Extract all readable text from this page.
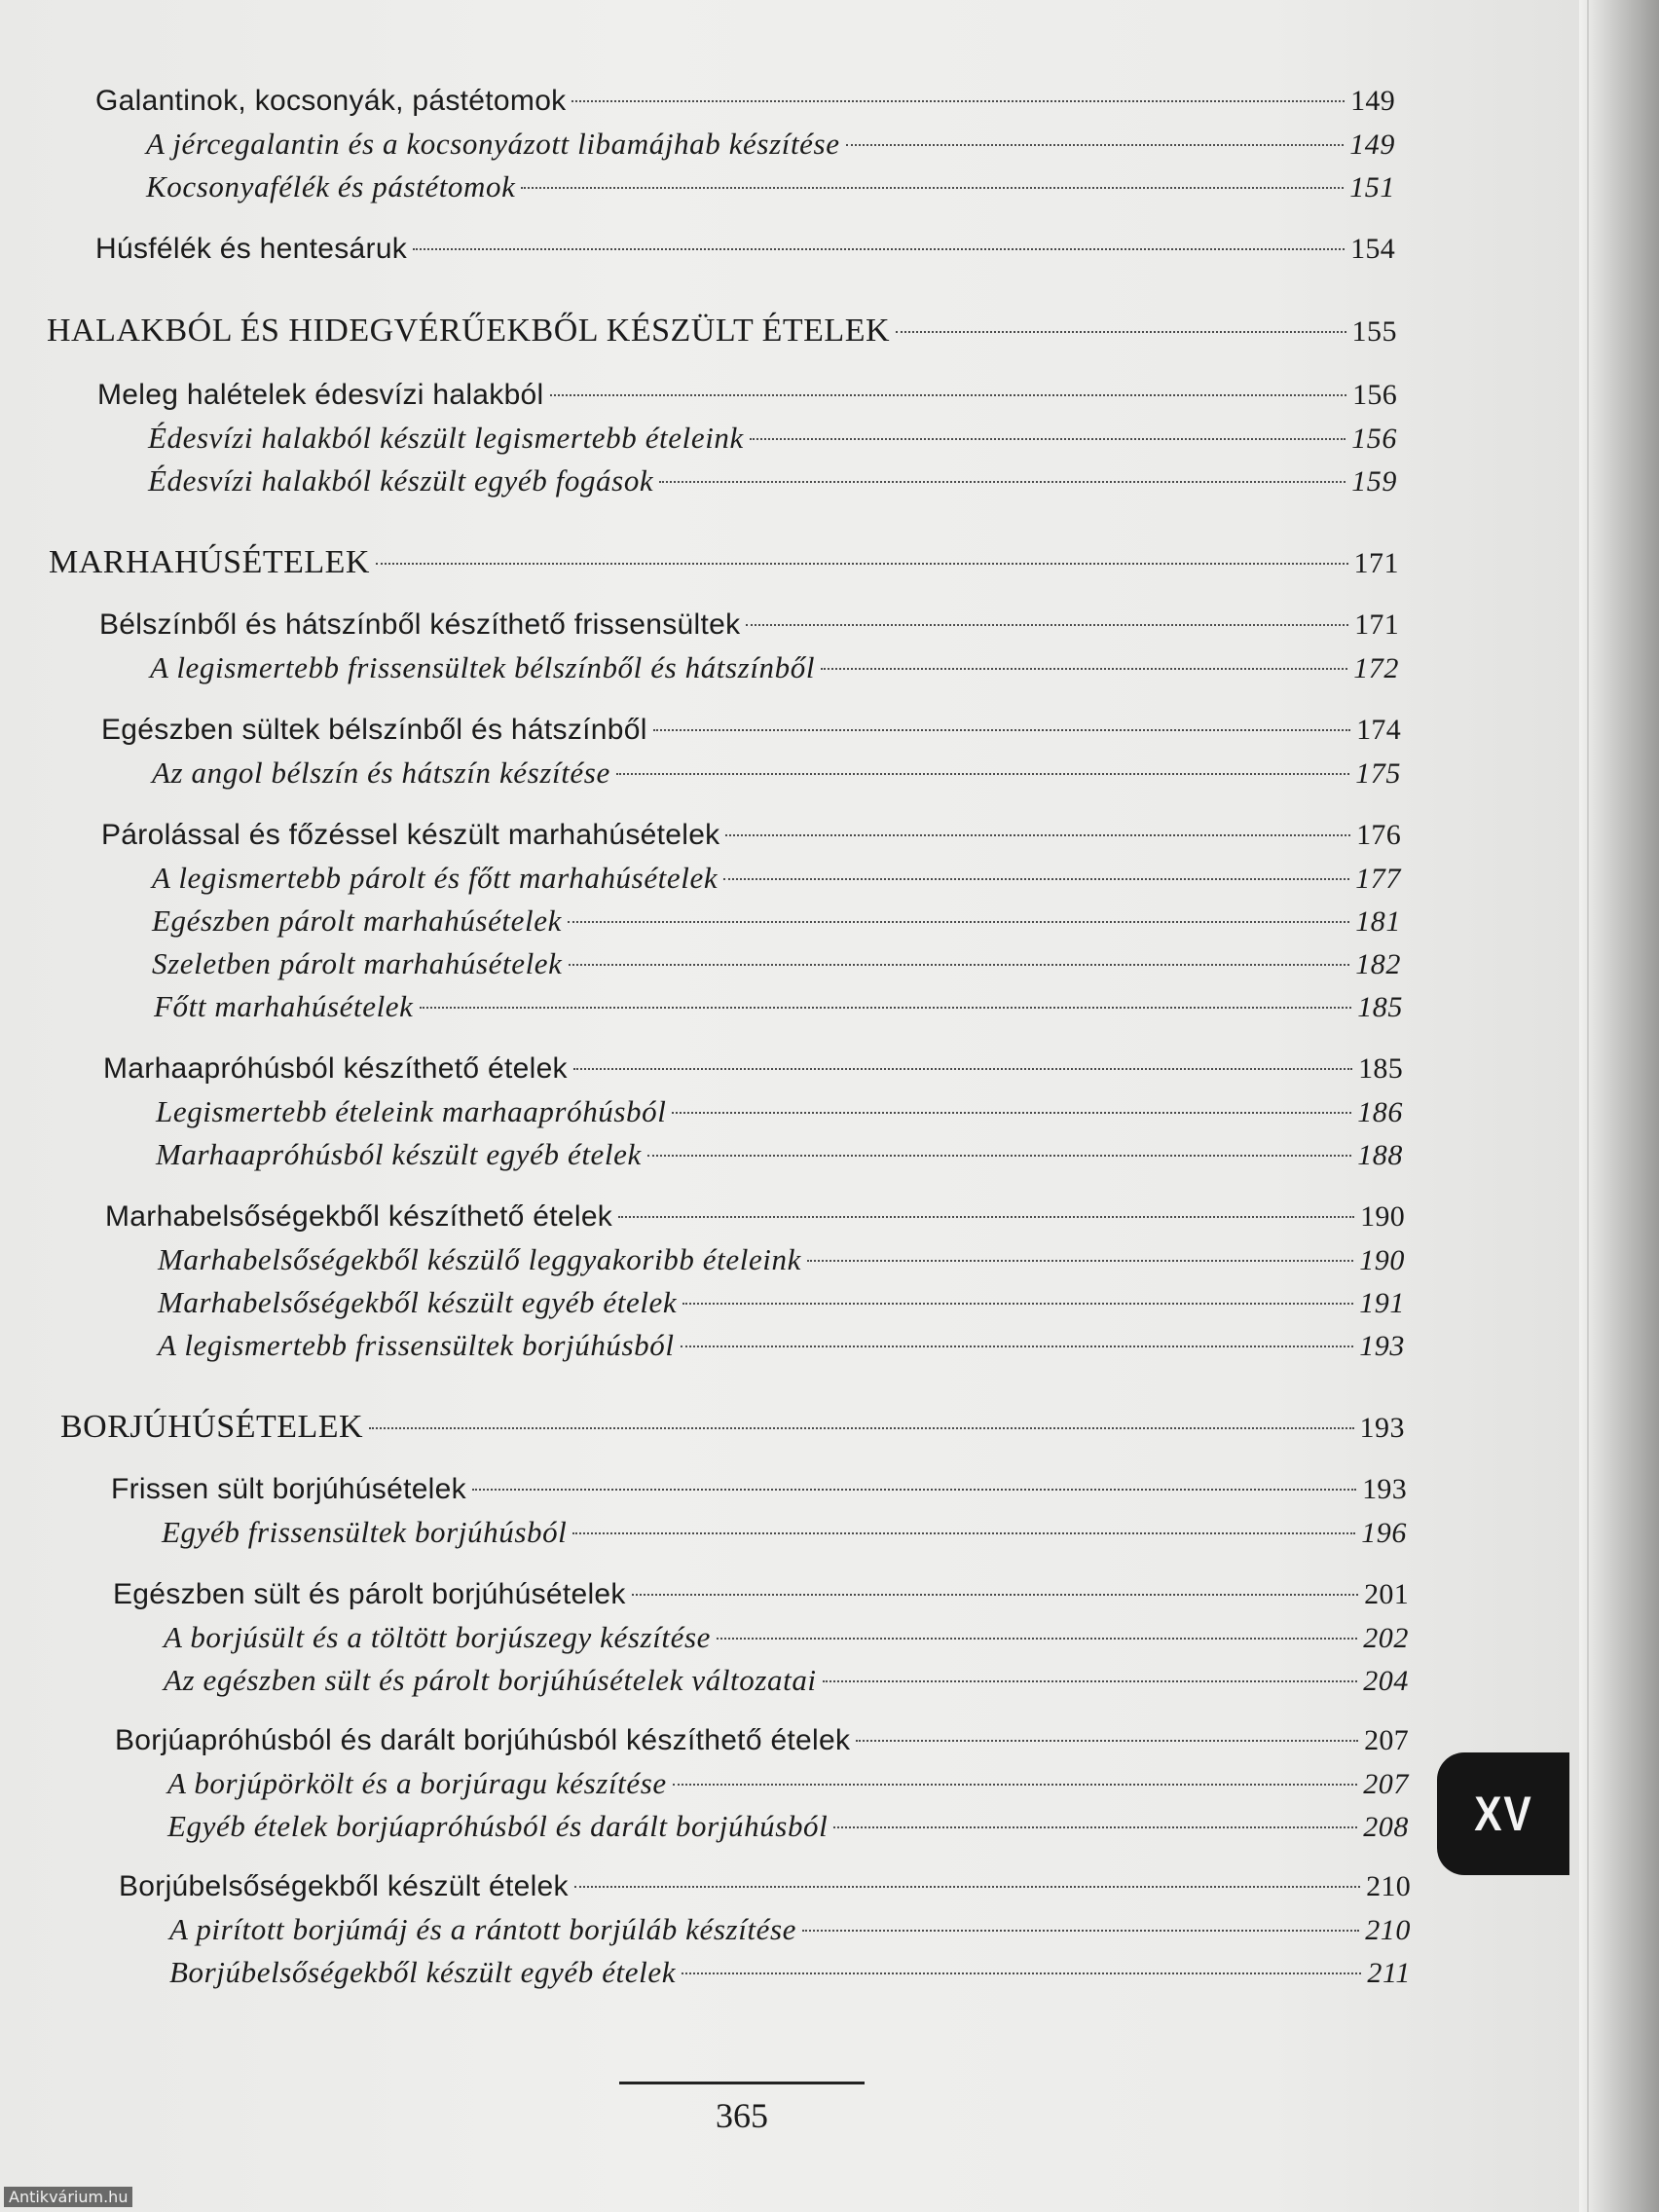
Galantinok, kocsonyák, pástétomok	149
A jércegalantin és a kocsonyázott libamájhab készítése	149
Kocsonyafélék és pástétomok	151
Húsfélék és hentesáruk	154
HALAKBÓL ÉS HIDEGVÉRŰEKBŐL KÉSZÜLT ÉTELEK	155
Meleg halételek édesvízi halakból	156
Édesvízi halakból készült legismertebb ételeink	156
Édesvízi halakból készült egyéb fogások	159
MARHAHÚSÉTELEK	171
Bélszínből és hátszínből készíthető frissensültek	171
A legismertebb frissensültek bélszínből és hátszínből	172
Egészben sültek bélszínből és hátszínből	174
Az angol bélszín és hátszín készítése	175
Párolással és főzéssel készült marhahúsételek	176
A legismertebb párolt és főtt marhahúsételek	177
Egészben párolt marhahúsételek	181
Szeletben párolt marhahúsételek	182
Főtt marhahúsételek	185
Marhaapróhúsból készíthető ételek	185
Legismertebb ételeink marhaapróhúsból	186
Marhaapróhúsból készült egyéb ételek	188
Marhabelsőségekből készíthető ételek	190
Marhabelsőségekből készülő leggyakoribb ételeink	190
Marhabelsőségekből készült egyéb ételek	191
A legismertebb frissensültek borjúhúsból	193
BORJÚHÚSÉTELEK	193
Frissen sült borjúhúsételek	193
Egyéb frissensültek borjúhúsból	196
Egészben sült és párolt borjúhúsételek	201
A borjúsült és a töltött borjúszegy készítése	202
Az egészben sült és párolt borjúhúsételek változatai	204
Borjúapróhúsból és darált borjúhúsból készíthető ételek	207
A borjúpörkölt és a borjúragu készítése	207
Egyéb ételek borjúapróhúsból és darált borjúhúsból	208
Borjúbelsőségekből készült ételek	210
A pirított borjúmáj és a rántott borjúláb készítése	210
Borjúbelsőségekből készült egyéb ételek	211
365
XV
Antikvárium.hu
